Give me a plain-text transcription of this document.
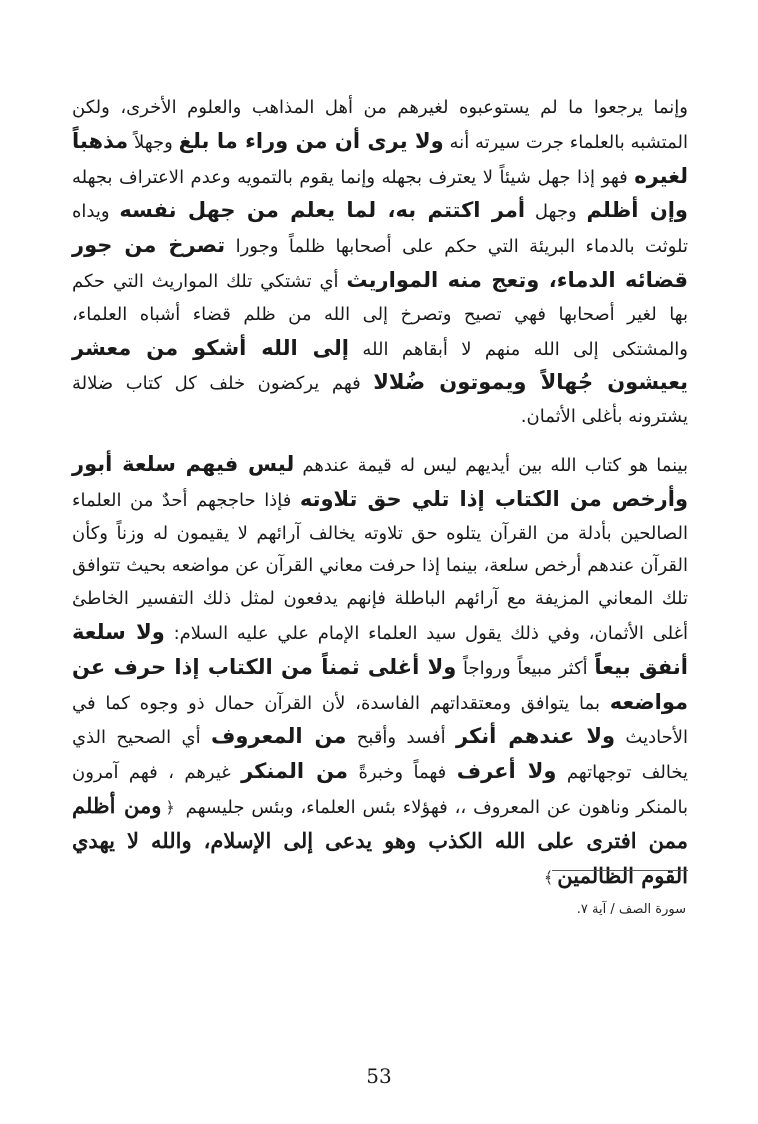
وإنما يرجعوا ما لم يستوعبوه لغيرهم من أهل المذاهب والعلوم الأخرى، ولكن المتشبه بالعلماء جرت سيرته أنه ولا يرى أن من وراء ما بلغ وجهلاً مذهباً لغيره فهو إذا جهل شيئاً لا يعترف بجهله وإنما يقوم بالتمويه وعدم الاعتراف بجهله وإن أظلم وجهل أمر اكتتم به، لما يعلم من جهل نفسه ويداه تلوثت بالدماء البريئة التي حكم على أصحابها ظلماً وجورا تصرخ من جور قضائه الدماء، وتعج منه المواريث أي تشتكي تلك المواريث التي حكم بها لغير أصحابها فهي تصيح وتصرخ إلى الله من ظلم قضاء أشباه العلماء، والمشتكى إلى الله منهم لا أبقاهم الله إلى الله أشكو من معشر يعيشون جُهالاً ويموتون ضُلالا فهم يركضون خلف كل كتاب ضلالة يشترونه بأغلى الأثمان.

بينما هو كتاب الله بين أيديهم ليس له قيمة عندهم ليس فيهم سلعة أبور وأرخص من الكتاب إذا تلي حق تلاوته فإذا حاججهم أحدٌ من العلماء الصالحين بأدلة من القرآن يتلوه حق تلاوته يخالف آرائهم لا يقيمون له وزناً وكأن القرآن عندهم أرخص سلعة، بينما إذا حرفت معاني القرآن عن مواضعه بحيث تتوافق تلك المعاني المزيفة مع آرائهم الباطلة فإنهم يدفعون لمثل ذلك التفسير الخاطئ أغلى الأثمان، وفي ذلك يقول سيد العلماء الإمام علي عليه السلام: ولا سلعة أنفق بيعاً أكثر مبيعاً ورواجاً ولا أغلى ثمناً من الكتاب إذا حرف عن مواضعه بما يتوافق ومعتقداتهم الفاسدة، لأن القرآن حمال ذو وجوه كما في الأحاديث ولا عندهم أنكر أفسد وأقبح من المعروف أي الصحيح الذي يخالف توجهاتهم ولا أعرف فهماً وخبرةً من المنكر غيرهم ، فهم آمرون بالمنكر وناهون عن المعروف ،، فهؤلاء بئس العلماء، وبئس جليسهم ﴿ومن أظلم ممن افترى على الله الكذب وهو يدعى إلى الإسلام، والله لا يهدي القوم الظالمين﴾

سورة الصف / آية ٧.
53
